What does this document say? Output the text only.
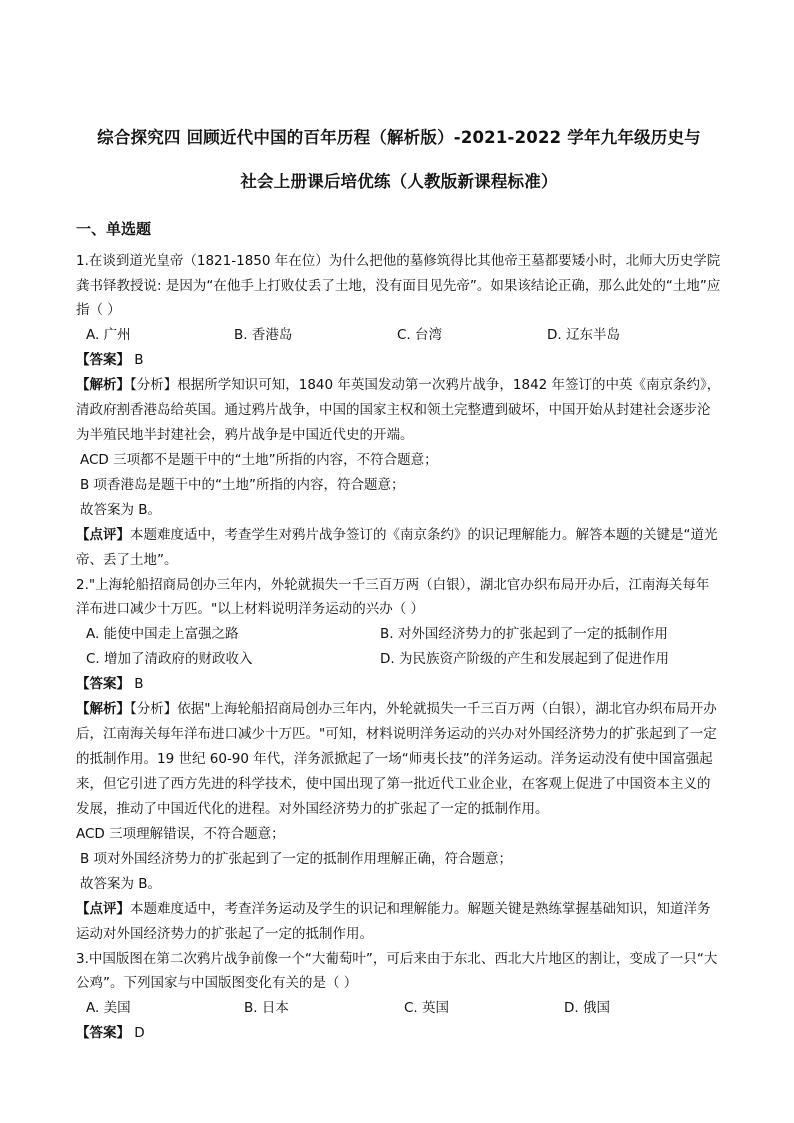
综合探究四 回顾近代中国的百年历程（解析版）-2021-2022 学年九年级历史与
社会上册课后培优练（人教版新课程标准）
一、单选题

1.在谈到道光皇帝（1821-1850 年在位）为什么把他的墓修筑得比其他帝王墓都要矮小时，北师大历史学院龚书铎教授说: 是因为“在他手上打败仗丢了土地，没有面目见先帝”。如果该结论正确，那么此处的“土地”应指（ ）

A. 广州	B. 香港岛	C. 台湾	D. 辽东半岛

【答案】 B

【解析】【分析】根据所学知识可知，1840 年英国发动第一次鸦片战争，1842 年签订的中英《南京条约》，清政府割香港岛给英国。通过鸦片战争，中国的国家主权和领土完整遭到破坏，中国开始从封建社会逐步沦为半殖民地半封建社会，鸦片战争是中国近代史的开端。

ACD 三项都不是题干中的“土地”所指的内容，不符合题意；

B 项香港岛是题干中的“土地”所指的内容，符合题意；

故答案为 B。

【点评】本题难度适中，考查学生对鸦片战争签订的《南京条约》的识记理解能力。解答本题的关键是“道光帝、丢了土地”。

2."上海轮船招商局创办三年内，外轮就损失一千三百万两（白银），湖北官办织布局开办后，江南海关每年洋布进口减少十万匹。"以上材料说明洋务运动的兴办（ ）

A. 能使中国走上富强之路	B. 对外国经济势力的扩张起到了一定的抵制作用
C. 增加了清政府的财政收入	D. 为民族资产阶级的产生和发展起到了促进作用

【答案】 B

【解析】【分析】依据"上海轮船招商局创办三年内，外轮就损失一千三百万两（白银），湖北官办织布局开办后，江南海关每年洋布进口减少十万匹。"可知，材料说明洋务运动的兴办对外国经济势力的扩张起到了一定的抵制作用。19 世纪 60-90 年代，洋务派掀起了一场“师夷长技”的洋务运动。洋务运动没有使中国富强起来，但它引进了西方先进的科学技术，使中国出现了第一批近代工业企业，在客观上促进了中国资本主义的发展，推动了中国近代化的进程。对外国经济势力的扩张起了一定的抵制作用。

ACD 三项理解错误，不符合题意；

B 项对外国经济势力的扩张起到了一定的抵制作用理解正确，符合题意；

故答案为 B。

【点评】本题难度适中，考查洋务运动及学生的识记和理解能力。解题关键是熟练掌握基础知识，知道洋务运动对外国经济势力的扩张起了一定的抵制作用。

3.中国版图在第二次鸦片战争前像一个“大葡萄叶”，可后来由于东北、西北大片地区的割让，变成了一只“大公鸡”。下列国家与中国版图变化有关的是（ ）

A. 美国	B. 日本	C. 英国	D. 俄国

【答案】 D
